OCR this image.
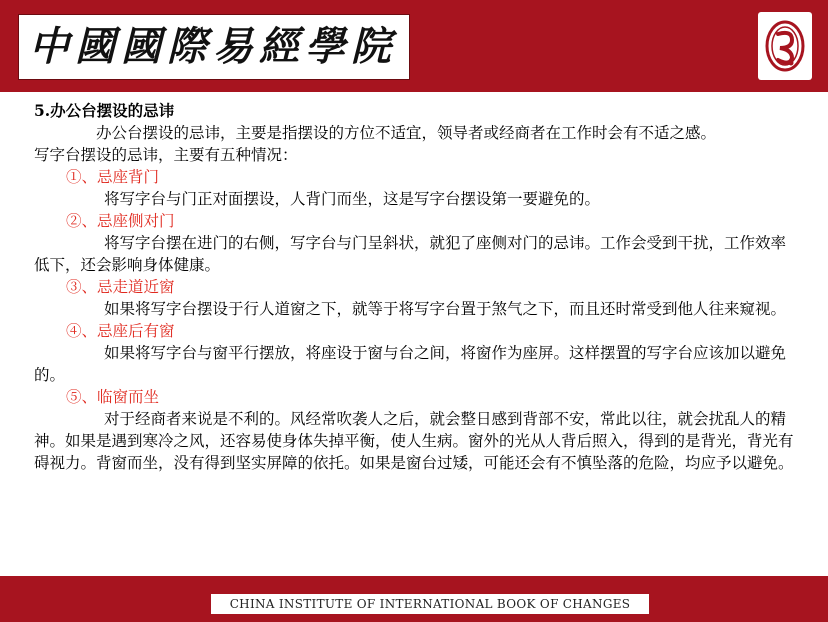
中國國際易經學院

5.办公台摆设的忌讳

办公台摆设的忌讳，主要是指摆设的方位不适宜，领导者或经商者在工作时会有不适之感。

写字台摆设的忌讳，主要有五种情况：

①、忌座背门

将写字台与门正对面摆设，人背门而坐，这是写字台摆设第一要避免的。

②、忌座侧对门

将写字台摆在进门的右侧，写字台与门呈斜状，就犯了座侧对门的忌讳。工作会受到干扰，工作效率低下，还会影响身体健康。

③、忌走道近窗

如果将写字台摆设于行人道窗之下，就等于将写字台置于煞气之下，而且还时常受到他人往来窥视。

④、忌座后有窗

如果将写字台与窗平行摆放，将座设于窗与台之间，将窗作为座屏。这样摆置的写字台应该加以避免的。

⑤、临窗而坐

对于经商者来说是不利的。风经常吹袭人之后，就会整日感到背部不安，常此以往，就会扰乱人的精神。如果是遇到寒冷之风，还容易使身体失掉平衡，使人生病。窗外的光从人背后照入，得到的是背光，背光有碍视力。背窗而坐，没有得到坚实屏障的依托。如果是窗台过矮，可能还会有不慎坠落的危险，均应予以避免。

CHINA INSTITUTE OF INTERNATIONAL BOOK OF CHANGES
